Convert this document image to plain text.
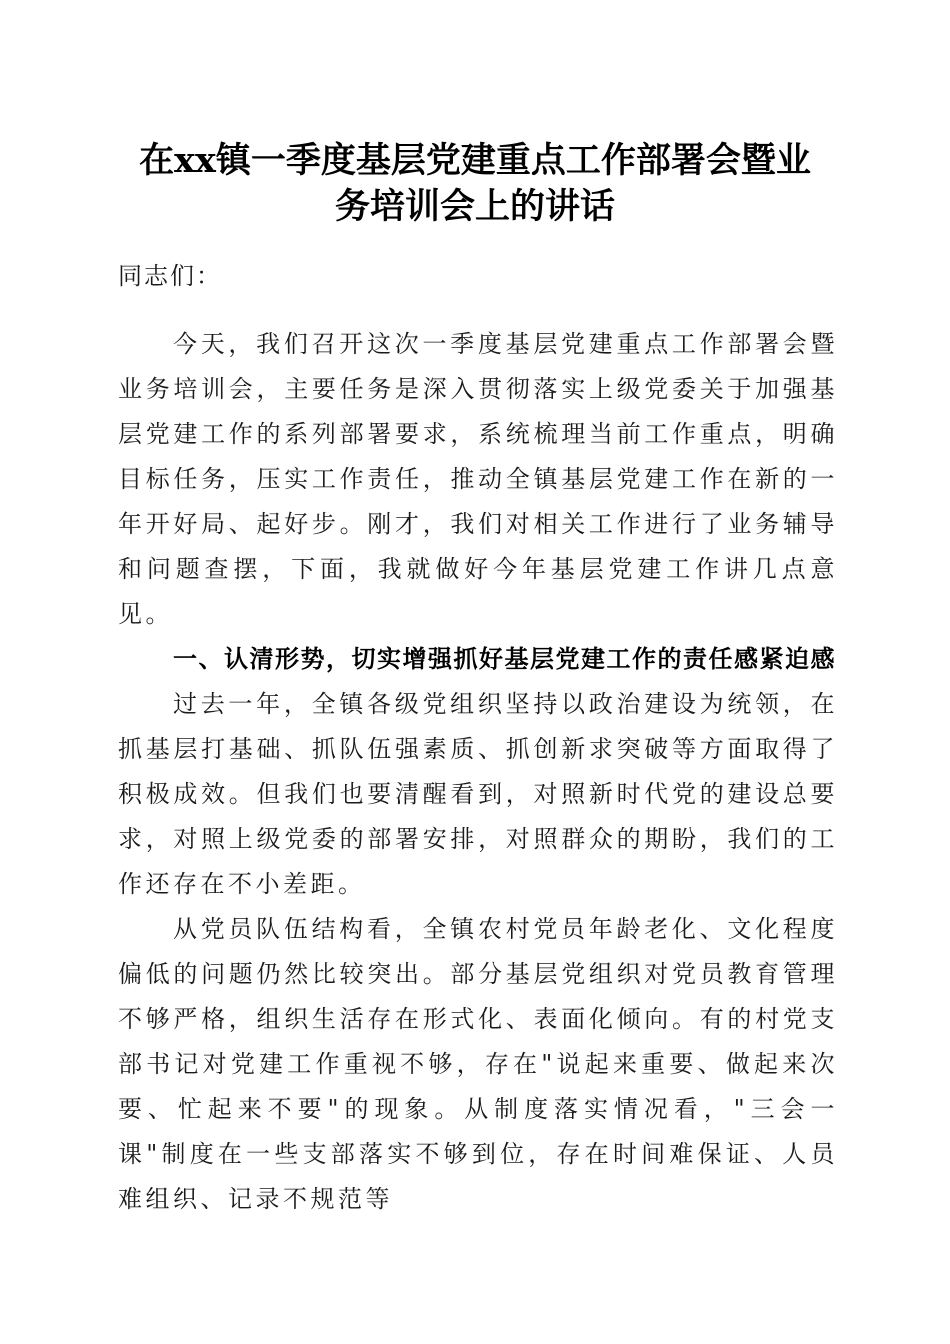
在xx镇一季度基层党建重点工作部署会暨业
务培训会上的讲话
同志们：

今天，我们召开这次一季度基层党建重点工作部署会暨业务培训会，主要任务是深入贯彻落实上级党委关于加强基层党建工作的系列部署要求，系统梳理当前工作重点，明确目标任务，压实工作责任，推动全镇基层党建工作在新的一年开好局、起好步。刚才，我们对相关工作进行了业务辅导和问题查摆，下面，我就做好今年基层党建工作讲几点意见。

一、认清形势，切实增强抓好基层党建工作的责任感紧迫感

过去一年，全镇各级党组织坚持以政治建设为统领，在抓基层打基础、抓队伍强素质、抓创新求突破等方面取得了积极成效。但我们也要清醒看到，对照新时代党的建设总要求，对照上级党委的部署安排，对照群众的期盼，我们的工作还存在不小差距。

从党员队伍结构看，全镇农村党员年龄老化、文化程度偏低的问题仍然比较突出。部分基层党组织对党员教育管理不够严格，组织生活存在形式化、表面化倾向。有的村党支部书记对党建工作重视不够，存在"说起来重要、做起来次要、忙起来不要"的现象。从制度落实情况看，"三会一课"制度在一些支部落实不够到位，存在时间难保证、人员难组织、记录不规范等
